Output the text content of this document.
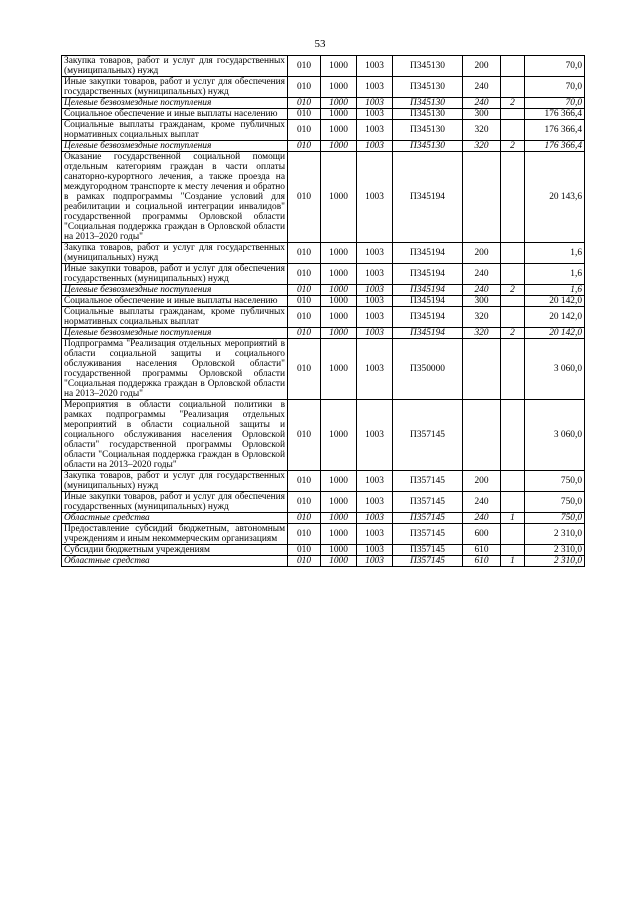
53
Закупка товаров, работ и услуг для государственных (муниципальных) нужд	010	1000	1003	П345130	200		70,0
Иные закупки товаров, работ и услуг для обеспечения государственных (муниципальных) нужд	010	1000	1003	П345130	240		70,0
Целевые безвозмездные поступления	010	1000	1003	П345130	240	2	70,0
Социальное обеспечение и иные выплаты населению	010	1000	1003	П345130	300		176 366,4
Социальные выплаты гражданам, кроме публичных нормативных социальных выплат	010	1000	1003	П345130	320		176 366,4
Целевые безвозмездные поступления	010	1000	1003	П345130	320	2	176 366,4
Оказание государственной социальной помощи отдельным категориям граждан в части оплаты санаторно-курортного лечения, а также проезда на междугородном транспорте к месту лечения и обратно в рамках подпрограммы "Создание условий для реабилитации и социальной интеграции инвалидов" государственной программы Орловской области "Социальная поддержка граждан в Орловской области на 2013–2020 годы"	010	1000	1003	П345194			20 143,6
Закупка товаров, работ и услуг для государственных (муниципальных) нужд	010	1000	1003	П345194	200		1,6
Иные закупки товаров, работ и услуг для обеспечения государственных (муниципальных) нужд	010	1000	1003	П345194	240		1,6
Целевые безвозмездные поступления	010	1000	1003	П345194	240	2	1,6
Социальное обеспечение и иные выплаты населению	010	1000	1003	П345194	300		20 142,0
Социальные выплаты гражданам, кроме публичных нормативных социальных выплат	010	1000	1003	П345194	320		20 142,0
Целевые безвозмездные поступления	010	1000	1003	П345194	320	2	20 142,0
Подпрограмма "Реализация отдельных мероприятий в области социальной защиты и социального обслуживания населения Орловской области" государственной программы Орловской области "Социальная поддержка граждан в Орловской области на 2013–2020 годы"	010	1000	1003	П350000			3 060,0
Мероприятия в области социальной политики в рамках подпрограммы "Реализация отдельных мероприятий в области социальной защиты и социального обслуживания населения Орловской области" государственной программы Орловской области "Социальная поддержка граждан в Орловской области на 2013–2020 годы"	010	1000	1003	П357145			3 060,0
Закупка товаров, работ и услуг для государственных (муниципальных) нужд	010	1000	1003	П357145	200		750,0
Иные закупки товаров, работ и услуг для обеспечения государственных (муниципальных) нужд	010	1000	1003	П357145	240		750,0
Областные средства	010	1000	1003	П357145	240	1	750,0
Предоставление субсидий бюджетным, автономным учреждениям и иным некоммерческим организациям	010	1000	1003	П357145	600		2 310,0
Субсидии бюджетным учреждениям	010	1000	1003	П357145	610		2 310,0
Областные средства	010	1000	1003	П357145	610	1	2 310,0
